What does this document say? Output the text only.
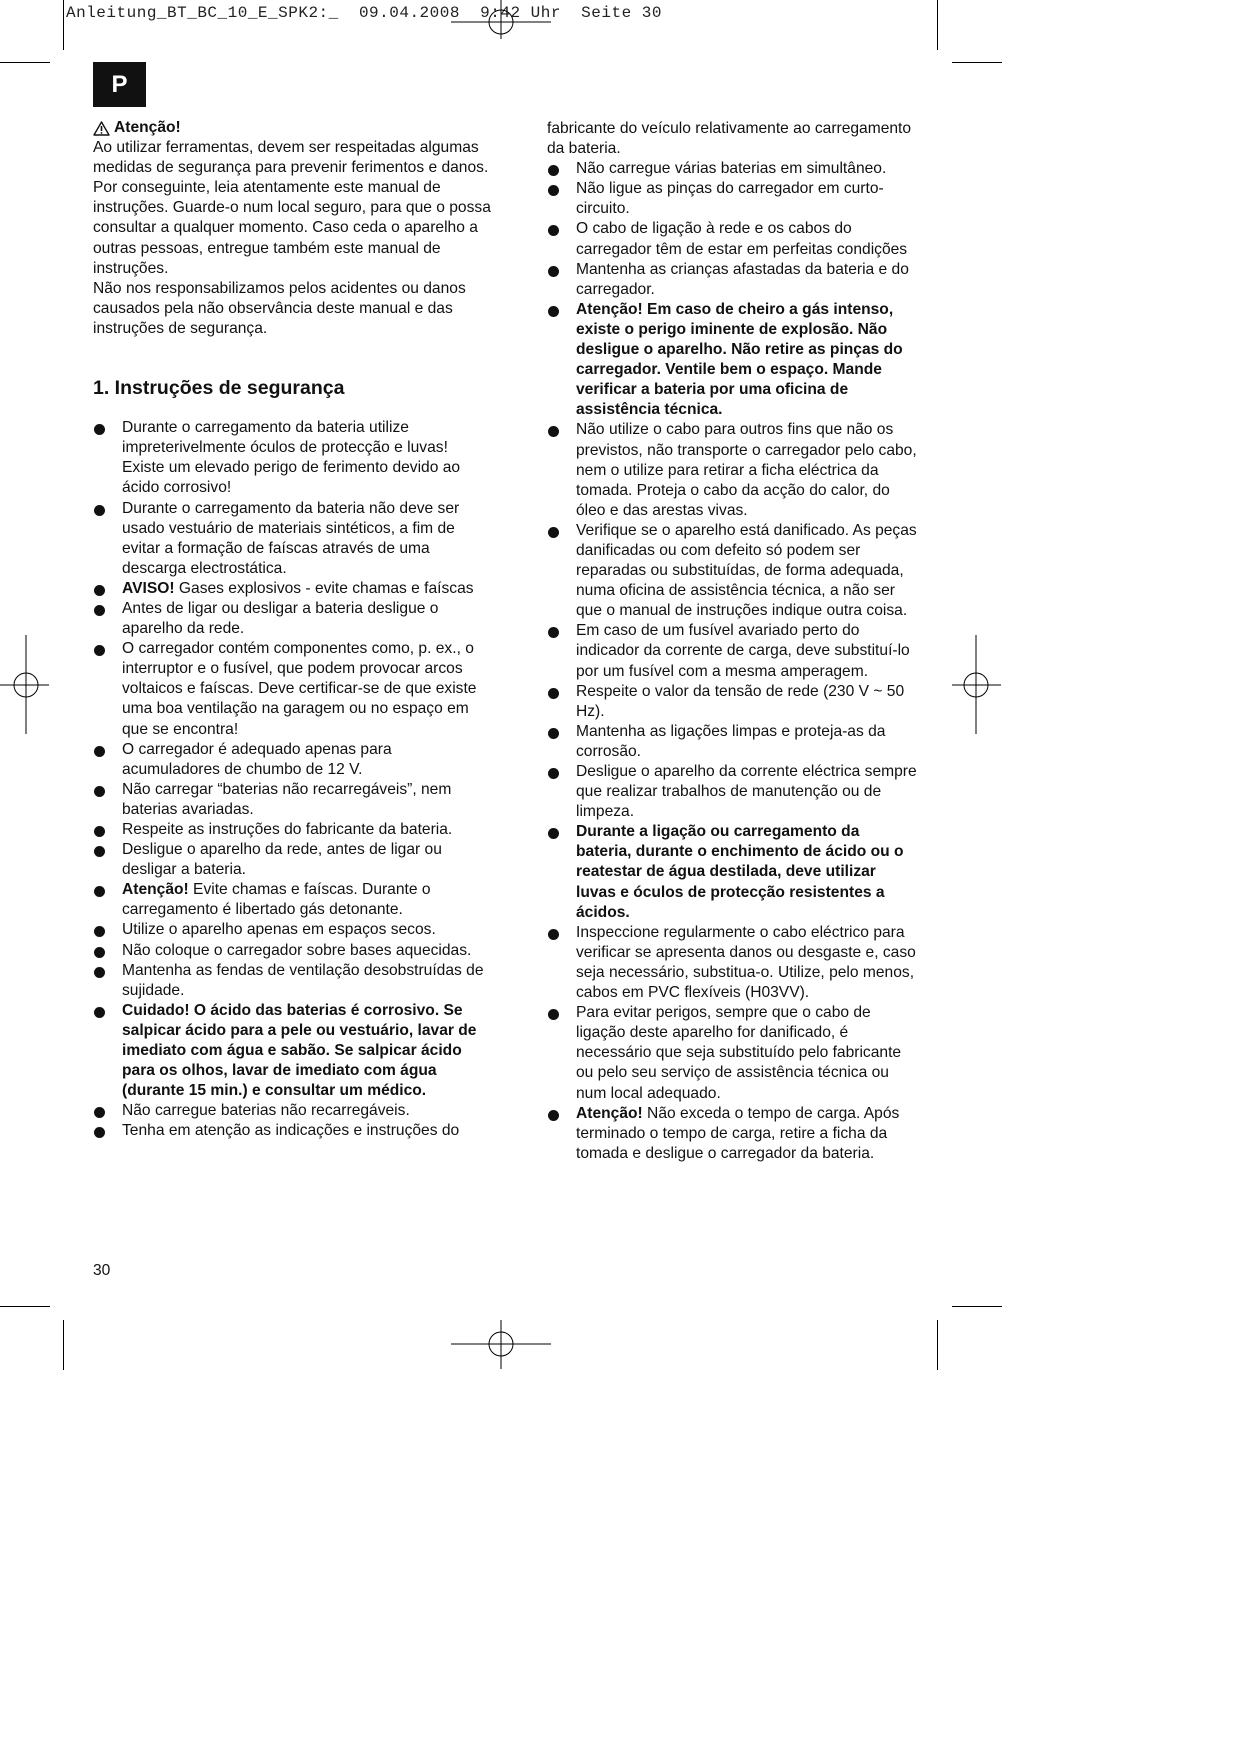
Anleitung_BT_BC_10_E_SPK2:_  09.04.2008  9:42 Uhr  Seite 30
P
Atenção!

Ao utilizar ferramentas, devem ser respeitadas algumas medidas de segurança para prevenir ferimentos e danos. Por conseguinte, leia atentamente este manual de instruções. Guarde-o num local seguro, para que o possa consultar a qualquer momento. Caso ceda o aparelho a outras pessoas, entregue também este manual de instruções.

Não nos responsabilizamos pelos acidentes ou danos causados pela não observância deste manual e das instruções de segurança.

1. Instruções de segurança
Durante o carregamento da bateria utilize impreterivelmente óculos de protecção e luvas! Existe um elevado perigo de ferimento devido ao ácido corrosivo!
Durante o carregamento da bateria não deve ser usado vestuário de materiais sintéticos, a fim de evitar a formação de faíscas através de uma descarga electrostática.
AVISO! Gases explosivos - evite chamas e faíscas
Antes de ligar ou desligar a bateria desligue o aparelho da rede.
O carregador contém componentes como, p. ex., o interruptor e o fusível, que podem provocar arcos voltaicos e faíscas. Deve certificar-se de que existe uma boa ventilação na garagem ou no espaço em que se encontra!
O carregador é adequado apenas para acumuladores de chumbo de 12 V.
Não carregar “baterias não recarregáveis”, nem baterias avariadas.
Respeite as instruções do fabricante da bateria.
Desligue o aparelho da rede, antes de ligar ou desligar a bateria.
Atenção! Evite chamas e faíscas. Durante o carregamento é libertado gás detonante.
Utilize o aparelho apenas em espaços secos.
Não coloque o carregador sobre bases aquecidas.
Mantenha as fendas de ventilação desobstruídas de sujidade.
Cuidado! O ácido das baterias é corrosivo. Se salpicar ácido para a pele ou vestuário, lavar de imediato com água e sabão. Se salpicar ácido para os olhos, lavar de imediato com água (durante 15 min.) e consultar um médico.
Não carregue baterias não recarregáveis.
Tenha em atenção as indicações e instruções do
fabricante do veículo relativamente ao carregamento da bateria.
Não carregue várias baterias em simultâneo.
Não ligue as pinças do carregador em curto-circuito.
O cabo de ligação à rede e os cabos do carregador têm de estar em perfeitas condições
Mantenha as crianças afastadas da bateria e do carregador.
Atenção! Em caso de cheiro a gás intenso, existe o perigo iminente de explosão. Não desligue o aparelho. Não retire as pinças do carregador. Ventile bem o espaço. Mande verificar a bateria por uma oficina de assistência técnica.
Não utilize o cabo para outros fins que não os previstos, não transporte o carregador pelo cabo, nem o utilize para retirar a ficha eléctrica da tomada. Proteja o cabo da acção do calor, do óleo e das arestas vivas.
Verifique se o aparelho está danificado. As peças danificadas ou com defeito só podem ser reparadas ou substituídas, de forma adequada, numa oficina de assistência técnica, a não ser que o manual de instruções indique outra coisa.
Em caso de um fusível avariado perto do indicador da corrente de carga, deve substituí-lo por um fusível com a mesma amperagem.
Respeite o valor da tensão de rede (230 V ~ 50 Hz).
Mantenha as ligações limpas e proteja-as da corrosão.
Desligue o aparelho da corrente eléctrica sempre que realizar trabalhos de manutenção ou de limpeza.
Durante a ligação ou carregamento da bateria, durante o enchimento de ácido ou o reatestar de água destilada, deve utilizar luvas e óculos de protecção resistentes a ácidos.
Inspeccione regularmente o cabo eléctrico para verificar se apresenta danos ou desgaste e, caso seja necessário, substitua-o. Utilize, pelo menos, cabos em PVC flexíveis (H03VV).
Para evitar perigos, sempre que o cabo de ligação deste aparelho for danificado, é necessário que seja substituído pelo fabricante ou pelo seu serviço de assistência técnica ou num local adequado.
Atenção! Não exceda o tempo de carga. Após terminado o tempo de carga, retire a ficha da tomada e desligue o carregador da bateria.
30
